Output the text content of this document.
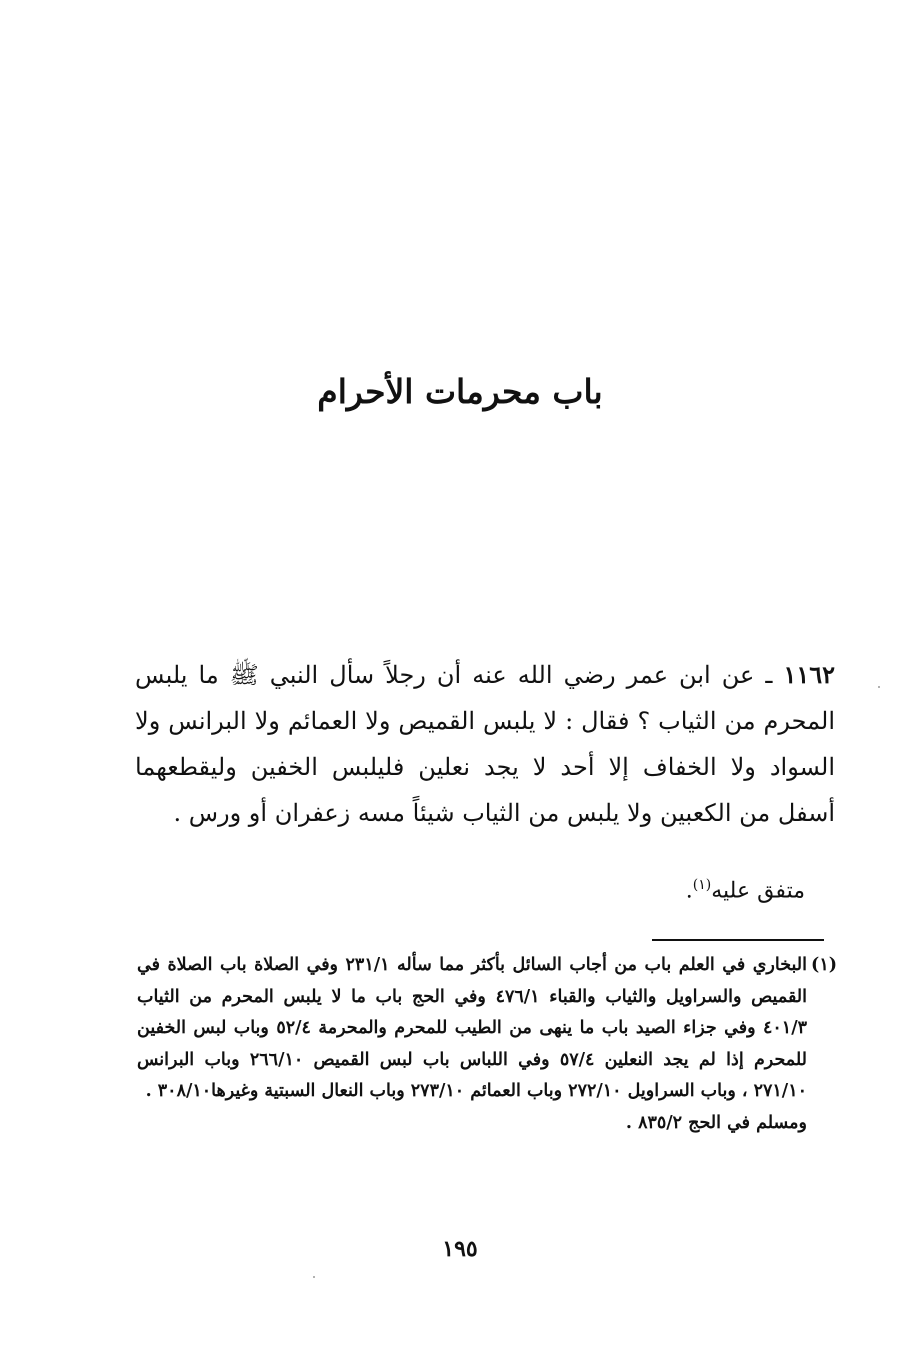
باب محرمات الأحرام
١١٦٢ ـ عن ابن عمر رضي الله عنه أن رجلاً سأل النبي ﷺ ما يلبس المحرم من الثياب ؟ فقال : لا يلبس القميص ولا العمائم ولا البرانس ولا السواد ولا الخفاف إلا أحد لا يجد نعلين فليلبس الخفين وليقطعهما أسفل من الكعبين ولا يلبس من الثياب شيئاً مسه زعفران أو ورس .
متفق عليه$^{(١)}$.
(١)
البخاري في العلم باب من أجاب السائل بأكثر مما سأله ٢٣١/١ وفي الصلاة باب الصلاة في القميص والسراويل والثياب والقباء ٤٧٦/١ وفي الحج باب ما لا يلبس المحرم من الثياب ٤٠١/٣ وفي جزاء الصيد باب ما ينهى من الطيب للمحرم والمحرمة ٥٢/٤ وباب لبس الخفين للمحرم إذا لم يجد النعلين ٥٧/٤ وفي اللباس باب لبس القميص ٢٦٦/١٠ وباب البرانس ٢٧١/١٠ ، وباب السراويل ٢٧٢/١٠ وباب العمائم ٢٧٣/١٠ وباب النعال السبتية وغيرها٣٠٨/١٠ .
ومسلم في الحج ٨٣٥/٢ .
١٩٥
